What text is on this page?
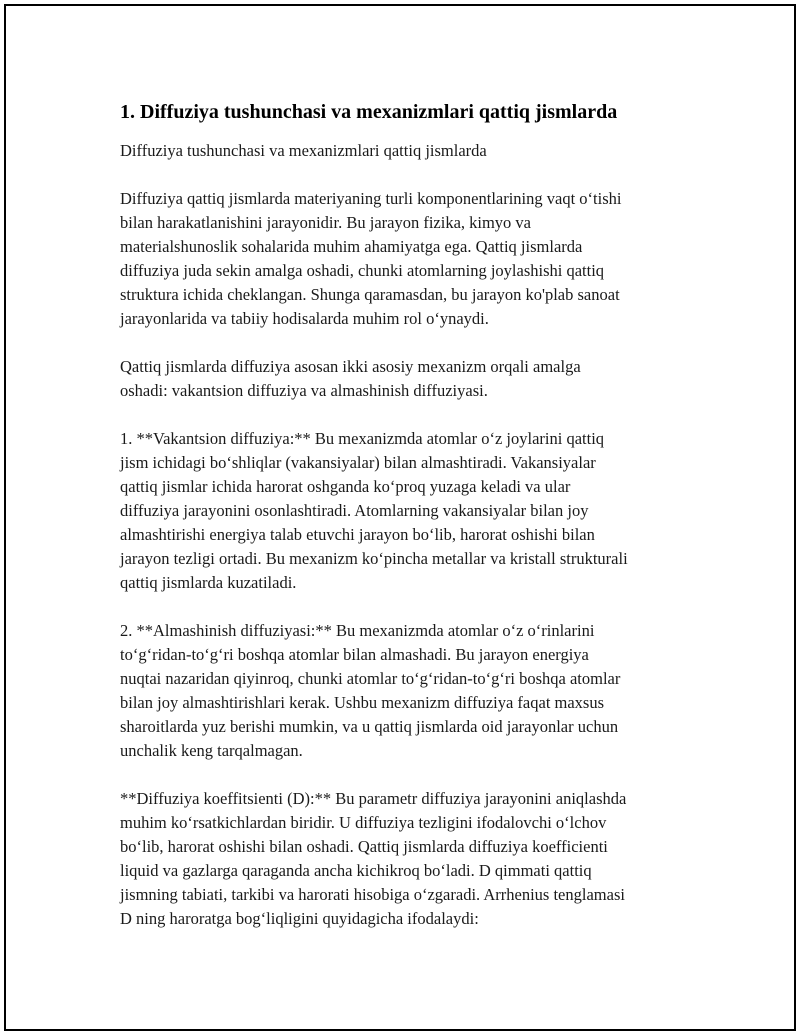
1. Diffuziya tushunchasi va mexanizmlari qattiq jismlarda

Diffuziya tushunchasi va mexanizmlari qattiq jismlarda

Diffuziya qattiq jismlarda materiyaning turli komponentlarining vaqt o‘tishi
bilan harakatlanishini jarayonidir. Bu jarayon fizika, kimyo va
materialshunoslik sohalarida muhim ahamiyatga ega. Qattiq jismlarda
diffuziya juda sekin amalga oshadi, chunki atomlarning joylashishi qattiq
struktura ichida cheklangan. Shunga qaramasdan, bu jarayon ko'plab sanoat
jarayonlarida va tabiiy hodisalarda muhim rol o‘ynaydi.

Qattiq jismlarda diffuziya asosan ikki asosiy mexanizm orqali amalga
oshadi: vakantsion diffuziya va almashinish diffuziyasi.

1. **Vakantsion diffuziya:** Bu mexanizmda atomlar o‘z joylarini qattiq
jism ichidagi bo‘shliqlar (vakansiyalar) bilan almashtiradi. Vakansiyalar
qattiq jismlar ichida harorat oshganda ko‘proq yuzaga keladi va ular
diffuziya jarayonini osonlashtiradi. Atomlarning vakansiyalar bilan joy
almashtirishi energiya talab etuvchi jarayon bo‘lib, harorat oshishi bilan
jarayon tezligi ortadi. Bu mexanizm ko‘pincha metallar va kristall strukturali
qattiq jismlarda kuzatiladi.

2. **Almashinish diffuziyasi:** Bu mexanizmda atomlar o‘z o‘rinlarini
to‘g‘ridan-to‘g‘ri boshqa atomlar bilan almashadi. Bu jarayon energiya
nuqtai nazaridan qiyinroq, chunki atomlar to‘g‘ridan-to‘g‘ri boshqa atomlar
bilan joy almashtirishlari kerak. Ushbu mexanizm diffuziya faqat maxsus
sharoitlarda yuz berishi mumkin, va u qattiq jismlarda oid jarayonlar uchun
unchalik keng tarqalmagan.

**Diffuziya koeffitsienti (D):** Bu parametr diffuziya jarayonini aniqlashda
muhim ko‘rsatkichlardan biridir. U diffuziya tezligini ifodalovchi o‘lchov
bo‘lib, harorat oshishi bilan oshadi. Qattiq jismlarda diffuziya koefficienti
liquid va gazlarga qaraganda ancha kichikroq bo‘ladi. D qimmati qattiq
jismning tabiati, tarkibi va harorati hisobiga o‘zgaradi. Arrhenius tenglamasi
D ning haroratga bog‘liqligini quyidagicha ifodalaydi:
